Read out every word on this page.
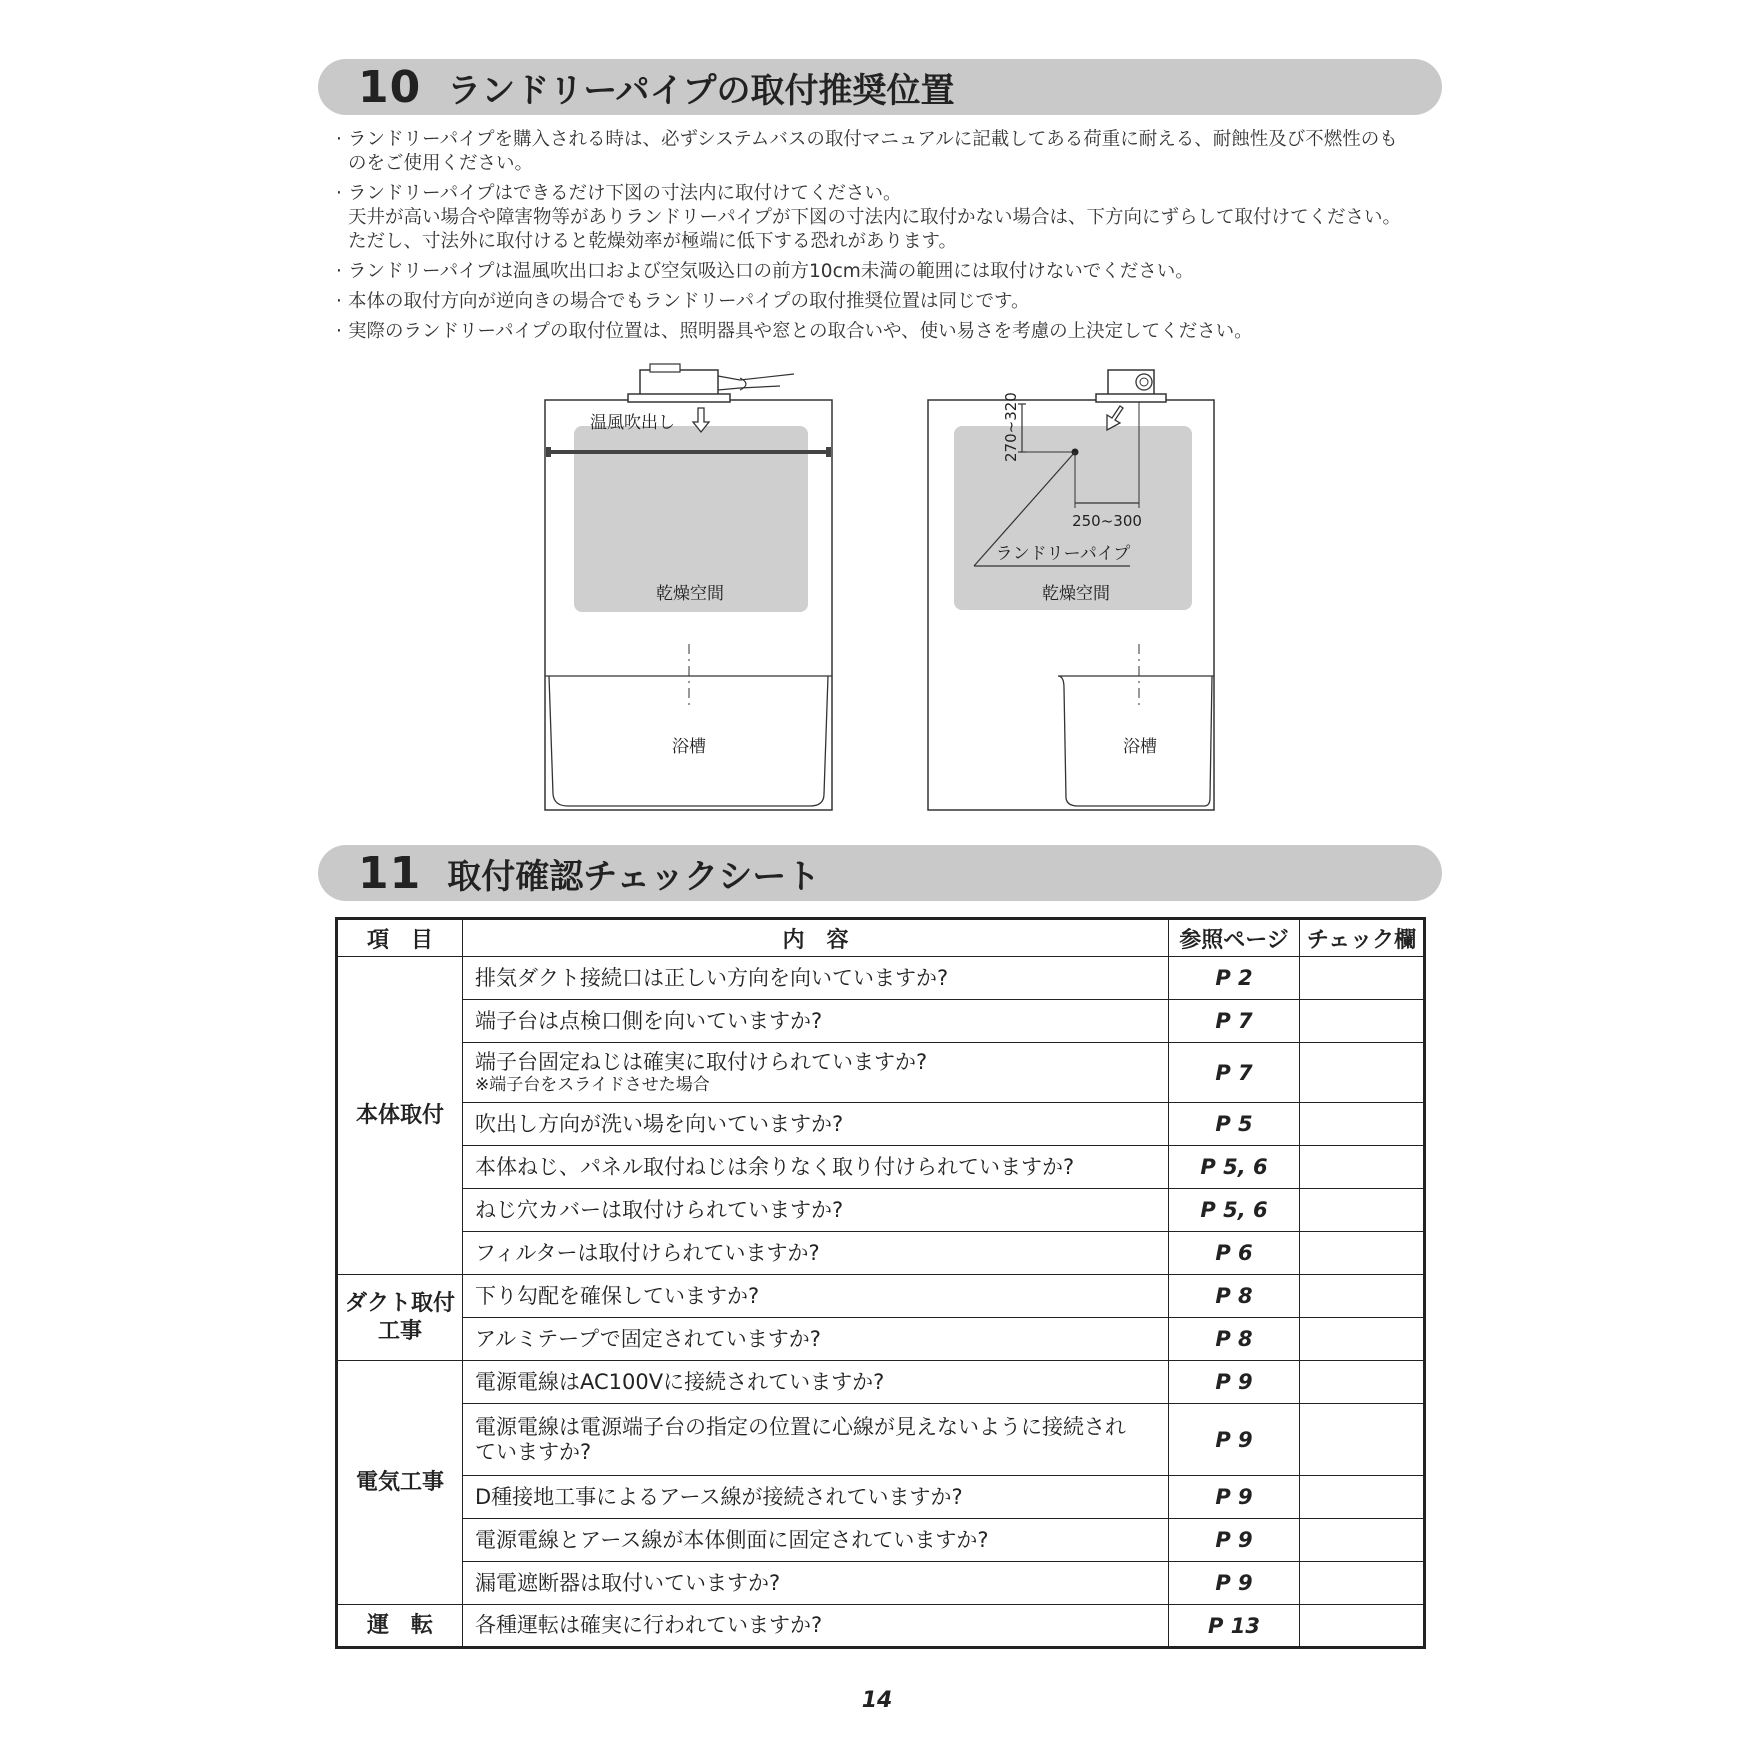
10 ランドリーパイプの取付推奨位置
· ランドリーパイプを購入される時は、必ずシステムバスの取付マニュアルに記載してある荷重に耐える、耐蝕性及び不燃性のも
のをご使用ください。
· ランドリーパイプはできるだけ下図の寸法内に取付けてください。
天井が高い場合や障害物等がありランドリーパイプが下図の寸法内に取付かない場合は、下方向にずらして取付けてください。
ただし、寸法外に取付けると乾燥効率が極端に低下する恐れがあります。
· ランドリーパイプは温風吹出口および空気吸込口の前方10cm未満の範囲には取付けないでください。
· 本体の取付方向が逆向きの場合でもランドリーパイプの取付推奨位置は同じです。
· 実際のランドリーパイプの取付位置は、照明器具や窓との取合いや、使い易さを考慮の上決定してください。
温風吹出し
乾燥空間
浴槽
270~320
250~300
ランドリーパイプ
乾燥空間
浴槽
11 取付確認チェックシート
項　目	内　容	参照ページ	チェック欄
本体取付	排気ダクト接続口は正しい方向を向いていますか?	P 2	
	端子台は点検口側を向いていますか?	P 7	

	端子台固定ねじは確実に取付けられていますか?
※端子台をスライドさせた場合	P 7	
	吹出し方向が洗い場を向いていますか?	P 5	
	本体ねじ、パネル取付ねじは余りなく取り付けられていますか?	P 5, 6	
	ねじ穴カバーは取付けられていますか?	P 5, 6	
	フィルターは取付けられていますか?	P 6	

ダクト取付
工事	下り勾配を確保していますか?	P 8	
	アルミテープで固定されていますか?	P 8	
電気工事	電源電線はAC100Vに接続されていますか?	P 9	

	電源電線は電源端子台の指定の位置に心線が見えないように接続され
ていますか?	P 9	
	D種接地工事によるアース線が接続されていますか?	P 9	
	電源電線とアース線が本体側面に固定されていますか?	P 9	
	漏電遮断器は取付いていますか?	P 9	
運　転	各種運転は確実に行われていますか?	P 13	
14
